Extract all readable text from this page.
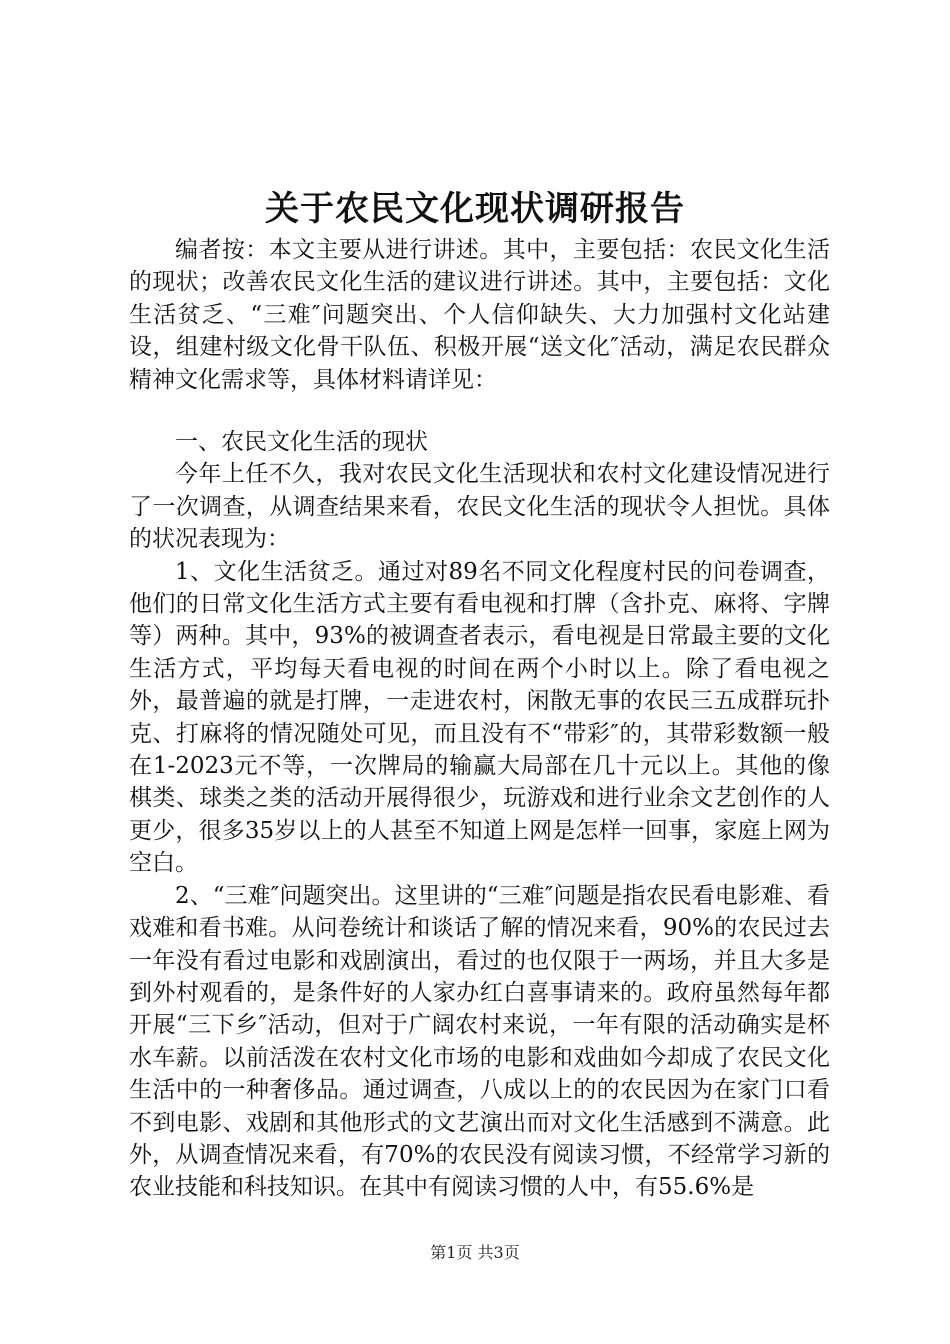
关于农民文化现状调研报告

编者按：本文主要从进行讲述。其中，主要包括：农民文化生活的现状；改善农民文化生活的建议进行讲述。其中，主要包括：文化生活贫乏、“三难″问题突出、个人信仰缺失、大力加强村文化站建设，组建村级文化骨干队伍、积极开展“送文化″活动，满足农民群众精神文化需求等，具体材料请详见：

一、农民文化生活的现状

今年上任不久，我对农民文化生活现状和农村文化建设情况进行了一次调查，从调查结果来看，农民文化生活的现状令人担忧。具体的状况表现为：

1、文化生活贫乏。通过对89名不同文化程度村民的问卷调查，他们的日常文化生活方式主要有看电视和打牌（含扑克、麻将、字牌等）两种。其中，93%的被调查者表示，看电视是日常最主要的文化生活方式，平均每天看电视的时间在两个小时以上。除了看电视之外，最普遍的就是打牌，一走进农村，闲散无事的农民三五成群玩扑克、打麻将的情况随处可见，而且没有不“带彩″的，其带彩数额一般在1-2023元不等，一次牌局的输赢大局部在几十元以上。其他的像棋类、球类之类的活动开展得很少，玩游戏和进行业余文艺创作的人更少，很多35岁以上的人甚至不知道上网是怎样一回事，家庭上网为空白。

2、“三难″问题突出。这里讲的“三难″问题是指农民看电影难、看戏难和看书难。从问卷统计和谈话了解的情况来看，90%的农民过去一年没有看过电影和戏剧演出，看过的也仅限于一两场，并且大多是到外村观看的，是条件好的人家办红白喜事请来的。政府虽然每年都开展“三下乡″活动，但对于广阔农村来说，一年有限的活动确实是杯水车薪。以前活泼在农村文化市场的电影和戏曲如今却成了农民文化生活中的一种奢侈品。通过调查，八成以上的的农民因为在家门口看不到电影、戏剧和其他形式的文艺演出而对文化生活感到不满意。此外，从调查情况来看，有70%的农民没有阅读习惯，不经常学习新的农业技能和科技知识。在其中有阅读习惯的人中，有55.6%是

第1页 共3页
